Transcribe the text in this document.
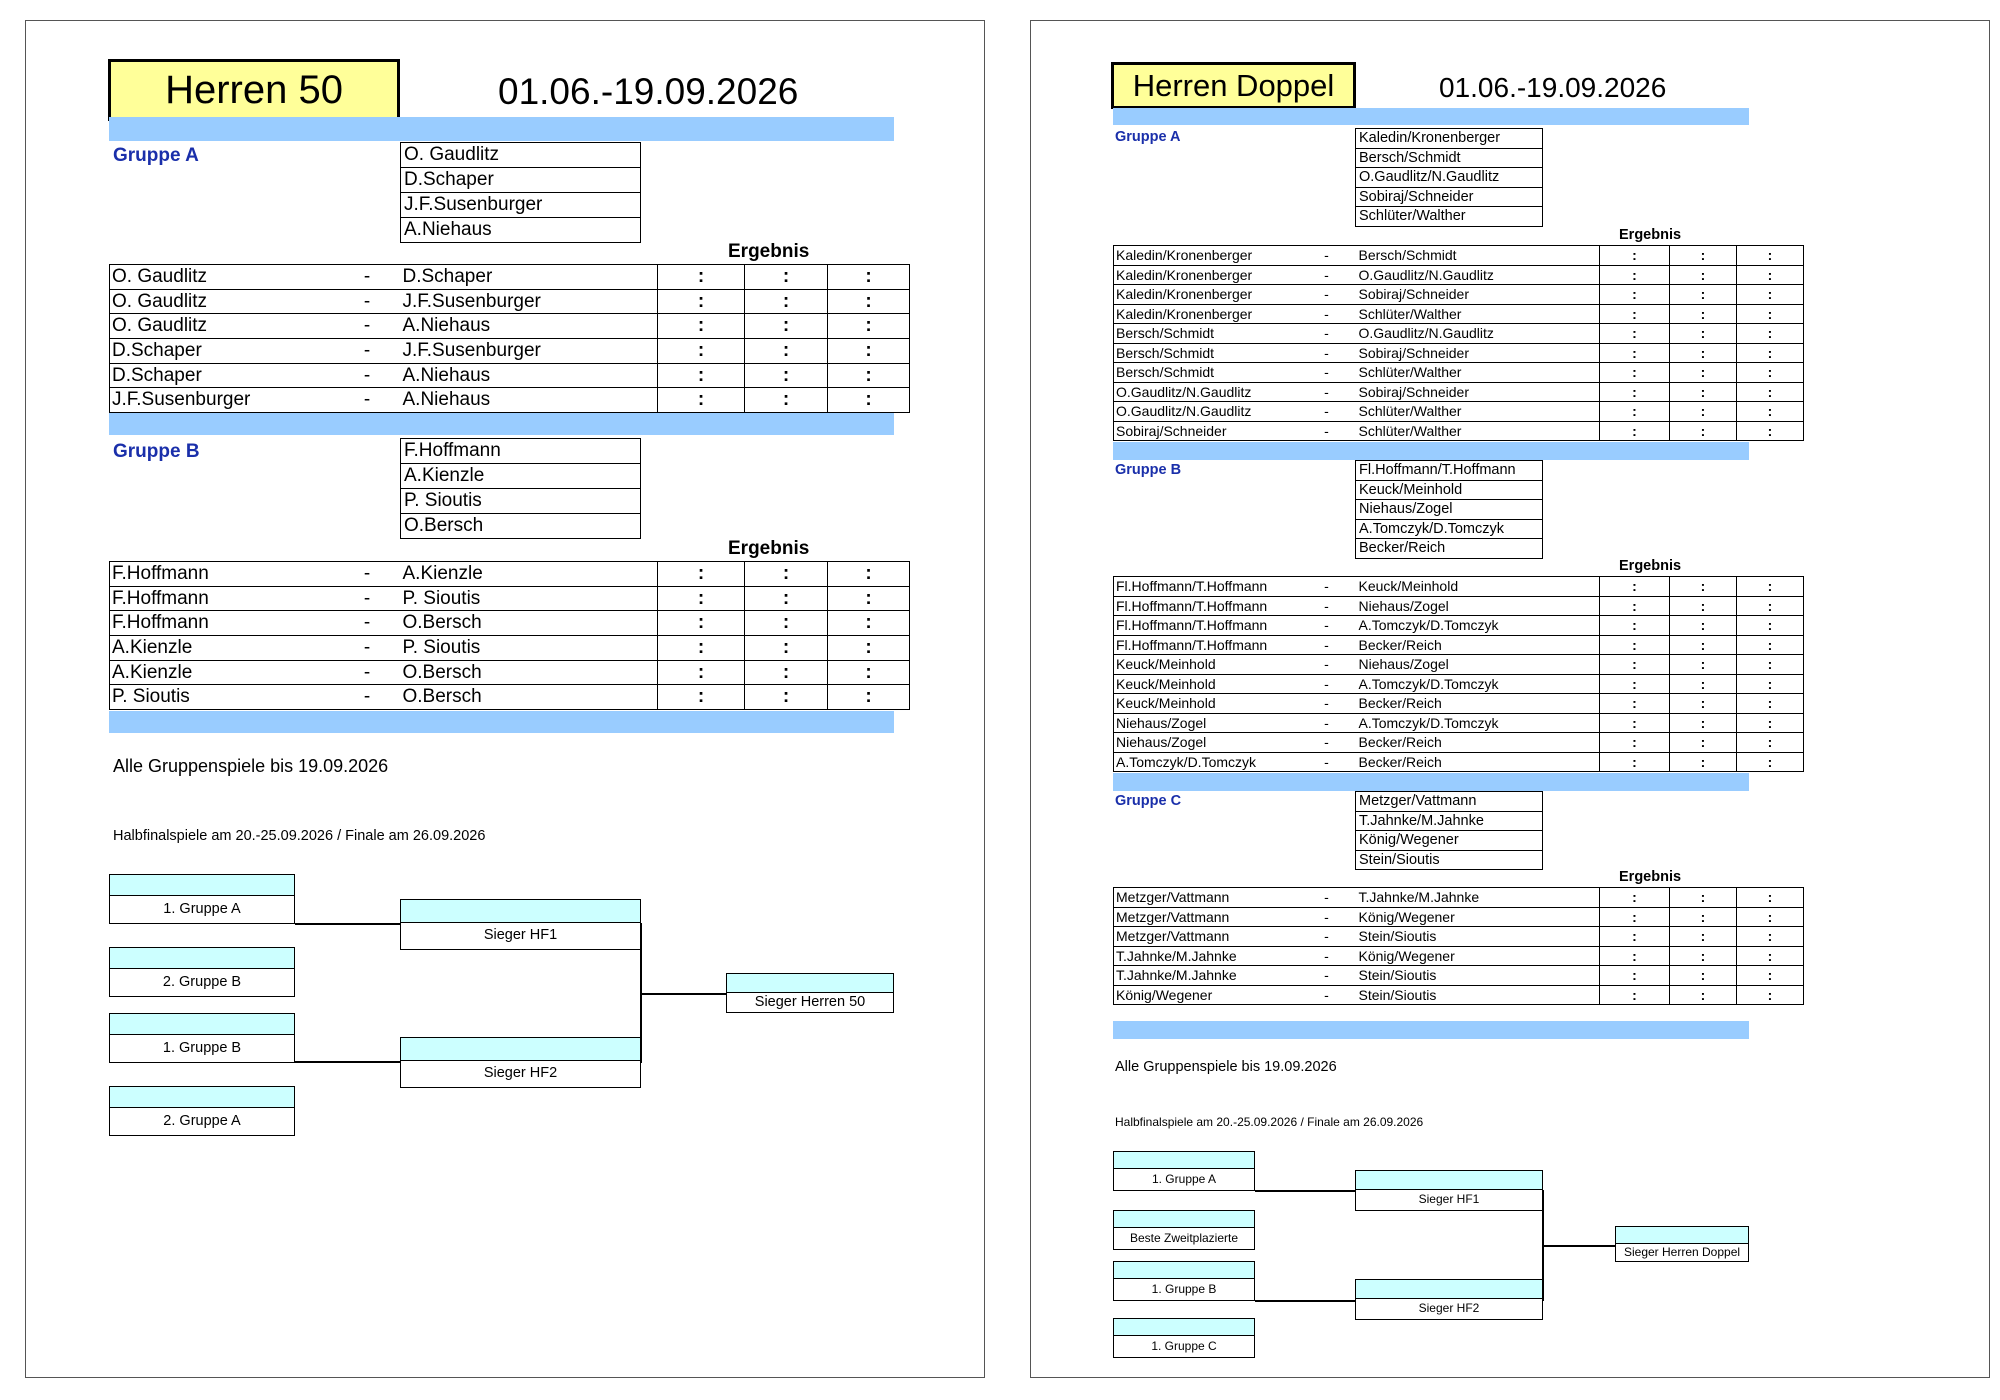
Herren 50	01.06.-19.09.2026
Gruppe A	O. Gaudlitz
D.Schaper
J.F.Susenburger
A.Niehaus
Ergebnis
O. Gaudlitz	-	D.Schaper	:	:	:
O. Gaudlitz	-	J.F.Susenburger	:	:	:
O. Gaudlitz	-	A.Niehaus	:	:	:
D.Schaper	-	J.F.Susenburger	:	:	:
D.Schaper	-	A.Niehaus	:	:	:
J.F.Susenburger	-	A.Niehaus	:	:	:
Gruppe B	F.Hoffmann
A.Kienzle
P. Sioutis
O.Bersch
Ergebnis
F.Hoffmann	-	A.Kienzle	:	:	:
F.Hoffmann	-	P. Sioutis	:	:	:
F.Hoffmann	-	O.Bersch	:	:	:
A.Kienzle	-	P. Sioutis	:	:	:
A.Kienzle	-	O.Bersch	:	:	:
P. Sioutis	-	O.Bersch	:	:	:
Alle Gruppenspiele bis 19.09.2026
Halbfinalspiele am 20.-25.09.2026 / Finale am 26.09.2026
1. Gruppe A
2. Gruppe B
1. Gruppe B
2. Gruppe A
Sieger HF1
Sieger HF2
Sieger Herren 50
Herren Doppel	01.06.-19.09.2026
Gruppe A	Kaledin/Kronenberger
Bersch/Schmidt
O.Gaudlitz/N.Gaudlitz
Sobiraj/Schneider
Schlüter/Walther
Ergebnis
Kaledin/Kronenberger	-	Bersch/Schmidt	:	:	:
Kaledin/Kronenberger	-	O.Gaudlitz/N.Gaudlitz	:	:	:
Kaledin/Kronenberger	-	Sobiraj/Schneider	:	:	:
Kaledin/Kronenberger	-	Schlüter/Walther	:	:	:
Bersch/Schmidt	-	O.Gaudlitz/N.Gaudlitz	:	:	:
Bersch/Schmidt	-	Sobiraj/Schneider	:	:	:
Bersch/Schmidt	-	Schlüter/Walther	:	:	:
O.Gaudlitz/N.Gaudlitz	-	Sobiraj/Schneider	:	:	:
O.Gaudlitz/N.Gaudlitz	-	Schlüter/Walther	:	:	:
Sobiraj/Schneider	-	Schlüter/Walther	:	:	:
Gruppe B	Fl.Hoffmann/T.Hoffmann
Keuck/Meinhold
Niehaus/Zogel
A.Tomczyk/D.Tomczyk
Becker/Reich
Ergebnis
Fl.Hoffmann/T.Hoffmann	-	Keuck/Meinhold	:	:	:
Fl.Hoffmann/T.Hoffmann	-	Niehaus/Zogel	:	:	:
Fl.Hoffmann/T.Hoffmann	-	A.Tomczyk/D.Tomczyk	:	:	:
Fl.Hoffmann/T.Hoffmann	-	Becker/Reich	:	:	:
Keuck/Meinhold	-	Niehaus/Zogel	:	:	:
Keuck/Meinhold	-	A.Tomczyk/D.Tomczyk	:	:	:
Keuck/Meinhold	-	Becker/Reich	:	:	:
Niehaus/Zogel	-	A.Tomczyk/D.Tomczyk	:	:	:
Niehaus/Zogel	-	Becker/Reich	:	:	:
A.Tomczyk/D.Tomczyk	-	Becker/Reich	:	:	:
Gruppe C	Metzger/Vattmann
T.Jahnke/M.Jahnke
König/Wegener
Stein/Sioutis
Ergebnis
Metzger/Vattmann	-	T.Jahnke/M.Jahnke	:	:	:
Metzger/Vattmann	-	König/Wegener	:	:	:
Metzger/Vattmann	-	Stein/Sioutis	:	:	:
T.Jahnke/M.Jahnke	-	König/Wegener	:	:	:
T.Jahnke/M.Jahnke	-	Stein/Sioutis	:	:	:
König/Wegener	-	Stein/Sioutis	:	:	:
Alle Gruppenspiele bis 19.09.2026
Halbfinalspiele am 20.-25.09.2026 / Finale am 26.09.2026
1. Gruppe A
Beste Zweitplazierte
1. Gruppe B
1. Gruppe C
Sieger HF1
Sieger HF2
Sieger Herren Doppel
